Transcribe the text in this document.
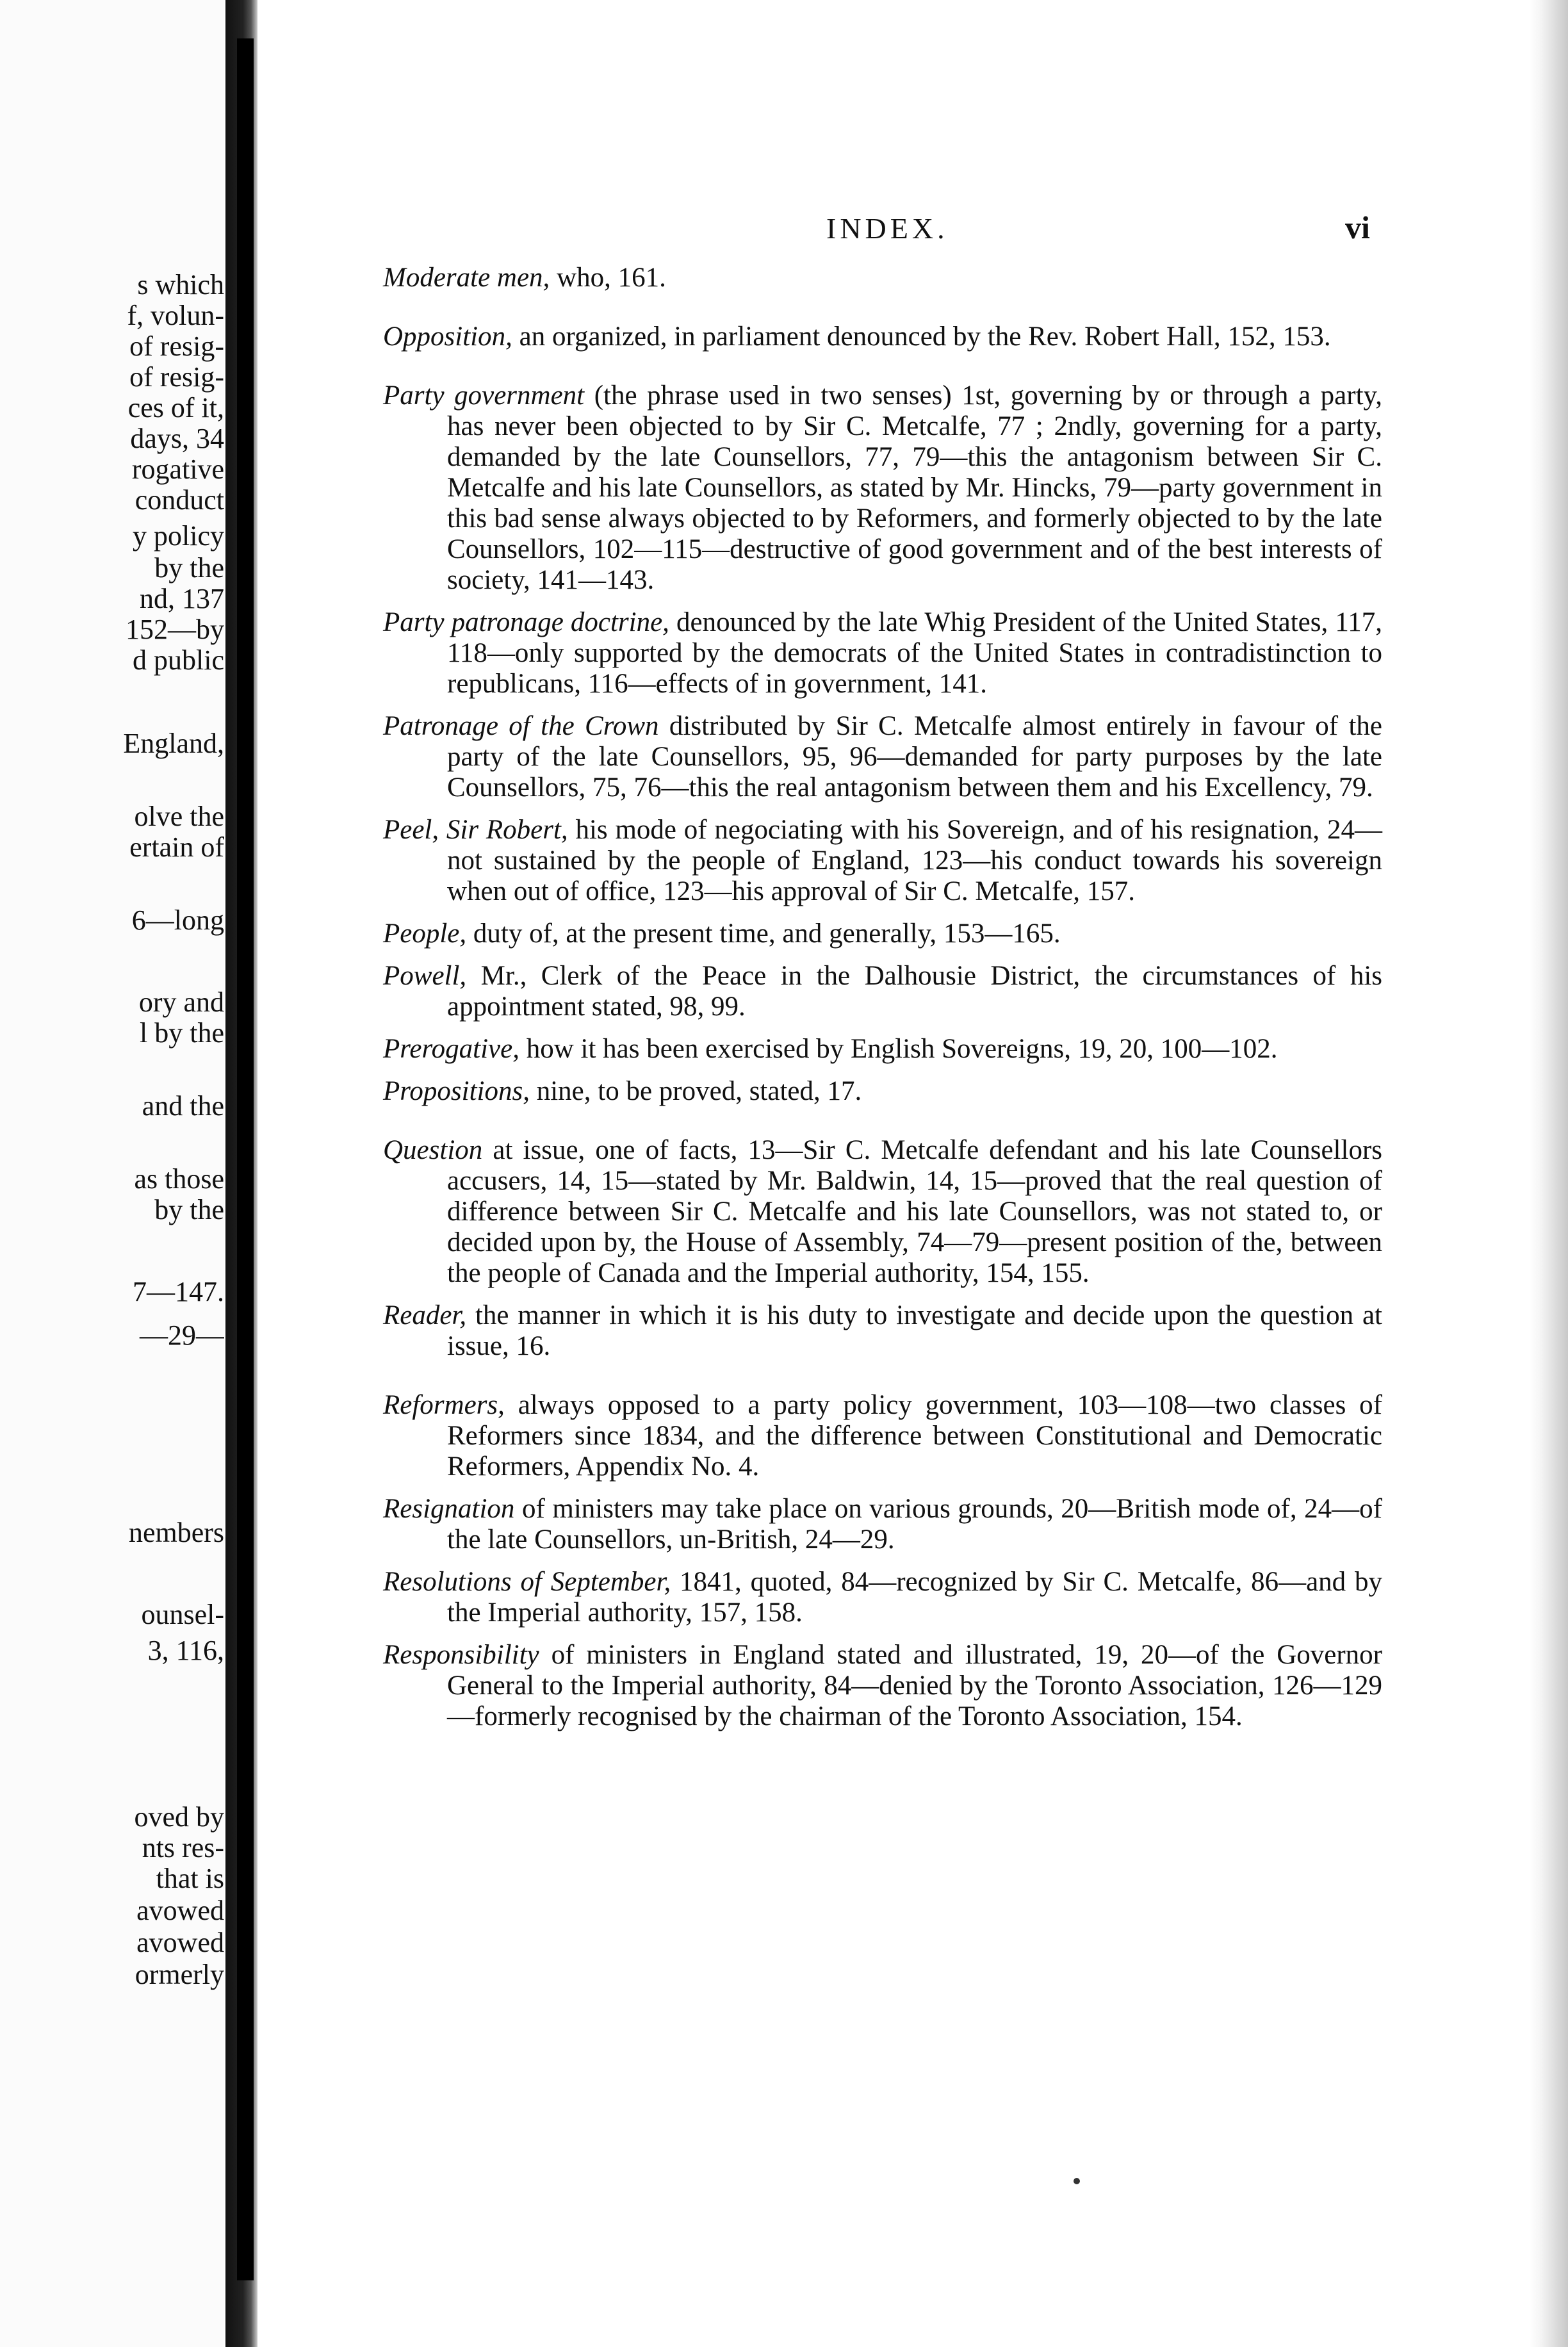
s which
f, volun-
of resig-
of resig-
ces of it,
days, 34
rogative
conduct
y policy
by the
nd, 137
152—by
d public
England,
olve the
ertain of
6—long
ory and
l by the
and the
as those
by the
7—147.
—29—
nembers
ounsel-
3, 116,
oved by
nts res-
that is
avowed
avowed
ormerly
INDEX.	vi

Moderate men, who, 161.

Opposition, an organized, in parliament denounced by the Rev. Robert Hall, 152, 153.

Party government (the phrase used in two senses) 1st, governing by or through a party, has never been objected to by Sir C. Metcalfe, 77 ; 2ndly, governing for a party, demanded by the late Counsellors, 77, 79—this the antagonism between Sir C. Metcalfe and his late Counsellors, as stated by Mr. Hincks, 79—party government in this bad sense always objected to by Reformers, and formerly objected to by the late Counsellors, 102—115—destructive of good government and of the best interests of society, 141—143.

Party patronage doctrine, denounced by the late Whig President of the United States, 117, 118—only supported by the democrats of the United States in contradistinction to republicans, 116—effects of in government, 141.

Patronage of the Crown distributed by Sir C. Metcalfe almost entirely in favour of the party of the late Counsellors, 95, 96—demanded for party purposes by the late Counsellors, 75, 76—this the real antagonism between them and his Excellency, 79.

Peel, Sir Robert, his mode of negociating with his Sovereign, and of his resignation, 24—not sustained by the people of England, 123—his conduct towards his sovereign when out of office, 123—his approval of Sir C. Metcalfe, 157.

People, duty of, at the present time, and generally, 153—165.

Powell, Mr., Clerk of the Peace in the Dalhousie District, the circumstances of his appointment stated, 98, 99.

Prerogative, how it has been exercised by English Sovereigns, 19, 20, 100—102.

Propositions, nine, to be proved, stated, 17.

Question at issue, one of facts, 13—Sir C. Metcalfe defendant and his late Counsellors accusers, 14, 15—stated by Mr. Baldwin, 14, 15—proved that the real question of difference between Sir C. Metcalfe and his late Counsellors, was not stated to, or decided upon by, the House of Assembly, 74—79—present position of the, between the people of Canada and the Imperial authority, 154, 155.

Reader, the manner in which it is his duty to investigate and decide upon the question at issue, 16.

Reformers, always opposed to a party policy government, 103—108—two classes of Reformers since 1834, and the difference between Constitutional and Democratic Reformers, Appendix No. 4.

Resignation of ministers may take place on various grounds, 20—British mode of, 24—of the late Counsellors, un-British, 24—29.

Resolutions of September, 1841, quoted, 84—recognized by Sir C. Metcalfe, 86—and by the Imperial authority, 157, 158.

Responsibility of ministers in England stated and illustrated, 19, 20—of the Governor General to the Imperial authority, 84—denied by the Toronto Association, 126—129—formerly recognised by the chairman of the Toronto Association, 154.
